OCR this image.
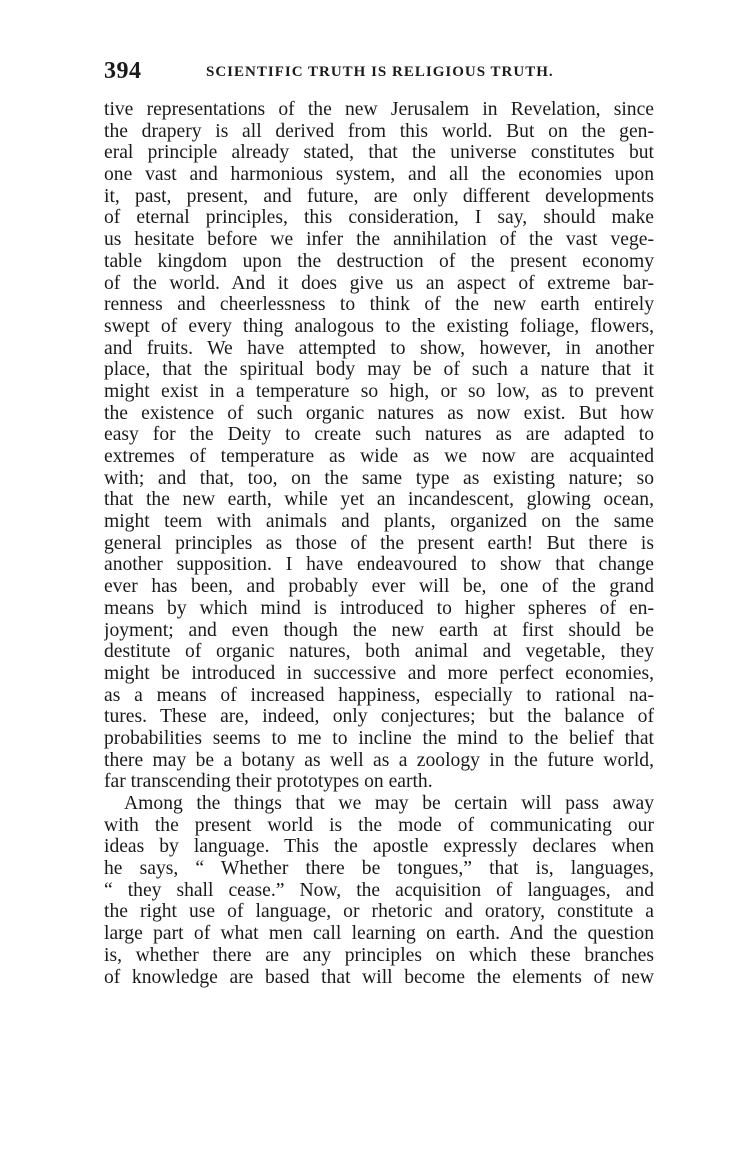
394	SCIENTIFIC TRUTH IS RELIGIOUS TRUTH.
tive representations of the new Jerusalem in Revelation, since
the drapery is all derived from this world. But on the gen-
eral principle already stated, that the universe constitutes but
one vast and harmonious system, and all the economies upon
it, past, present, and future, are only different developments
of eternal principles, this consideration, I say, should make
us hesitate before we infer the annihilation of the vast vege-
table kingdom upon the destruction of the present economy
of the world. And it does give us an aspect of extreme bar-
renness and cheerlessness to think of the new earth entirely
swept of every thing analogous to the existing foliage, flowers,
and fruits. We have attempted to show, however, in another
place, that the spiritual body may be of such a nature that it
might exist in a temperature so high, or so low, as to prevent
the existence of such organic natures as now exist. But how
easy for the Deity to create such natures as are adapted to
extremes of temperature as wide as we now are acquainted
with; and that, too, on the same type as existing nature; so
that the new earth, while yet an incandescent, glowing ocean,
might teem with animals and plants, organized on the same
general principles as those of the present earth! But there is
another supposition. I have endeavoured to show that change
ever has been, and probably ever will be, one of the grand
means by which mind is introduced to higher spheres of en-
joyment; and even though the new earth at first should be
destitute of organic natures, both animal and vegetable, they
might be introduced in successive and more perfect economies,
as a means of increased happiness, especially to rational na-
tures. These are, indeed, only conjectures; but the balance of
probabilities seems to me to incline the mind to the belief that
there may be a botany as well as a zoology in the future world,
far transcending their prototypes on earth.
Among the things that we may be certain will pass away
with the present world is the mode of communicating our
ideas by language. This the apostle expressly declares when
he says, “ Whether there be tongues,” that is, languages,
“ they shall cease.” Now, the acquisition of languages, and
the right use of language, or rhetoric and oratory, constitute a
large part of what men call learning on earth. And the question
is, whether there are any principles on which these branches
of knowledge are based that will become the elements of new
